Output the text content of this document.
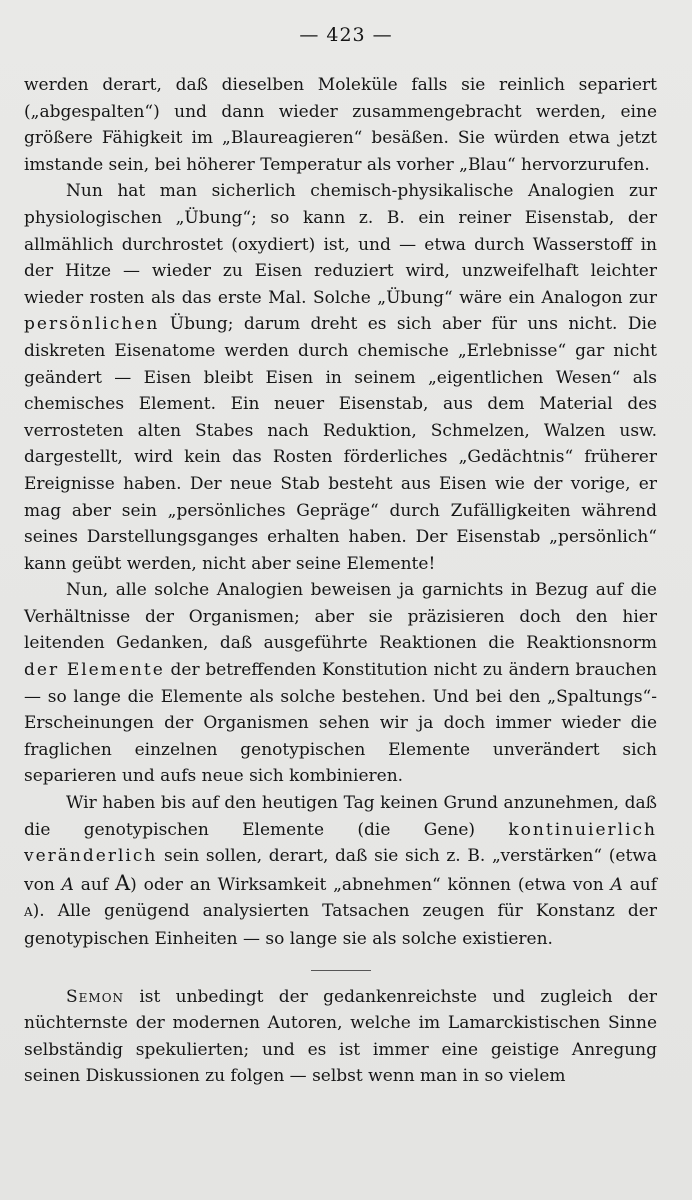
— 423 —

werden derart, daß dieselben Moleküle falls sie reinlich separiert („abgespalten“) und dann wieder zusammengebracht werden, eine größere Fähigkeit im „Blaureagieren“ besäßen. Sie würden etwa jetzt imstande sein, bei höherer Temperatur als vorher „Blau“ hervorzurufen.

Nun hat man sicherlich chemisch-physikalische Analogien zur physiologischen „Übung“; so kann z. B. ein reiner Eisenstab, der allmählich durchrostet (oxydiert) ist, und — etwa durch Wasserstoff in der Hitze — wieder zu Eisen reduziert wird, unzweifelhaft leichter wieder rosten als das erste Mal. Solche „Übung“ wäre ein Analogon zur persönlichen Übung; darum dreht es sich aber für uns nicht. Die diskreten Eisenatome werden durch chemische „Erlebnisse“ gar nicht geändert — Eisen bleibt Eisen in seinem „eigentlichen Wesen“ als chemisches Element. Ein neuer Eisenstab, aus dem Material des verrosteten alten Stabes nach Reduktion, Schmelzen, Walzen usw. dargestellt, wird kein das Rosten förderliches „Gedächtnis“ früherer Ereignisse haben. Der neue Stab besteht aus Eisen wie der vorige, er mag aber sein „persönliches Gepräge“ durch Zufälligkeiten während seines Darstellungsganges erhalten haben. Der Eisenstab „persönlich“ kann geübt werden, nicht aber seine Elemente!

Nun, alle solche Analogien beweisen ja garnichts in Bezug auf die Verhältnisse der Organismen; aber sie präzisieren doch den hier leitenden Gedanken, daß ausgeführte Reaktionen die Reaktionsnorm der Elemente der betreffenden Konstitution nicht zu ändern brauchen — so lange die Elemente als solche bestehen. Und bei den „Spaltungs“-Erscheinungen der Organismen sehen wir ja doch immer wieder die fraglichen einzelnen genotypischen Elemente unverändert sich separieren und aufs neue sich kombinieren.

Wir haben bis auf den heutigen Tag keinen Grund anzunehmen, daß die genotypischen Elemente (die Gene) kontinuierlich veränderlich sein sollen, derart, daß sie sich z. B. „verstärken“ (etwa von A auf A) oder an Wirksamkeit „abnehmen“ können (etwa von A auf A). Alle genügend analysierten Tatsachen zeugen für Konstanz der genotypischen Einheiten — so lange sie als solche existieren.

Semon ist unbedingt der gedankenreichste und zugleich der nüchternste der modernen Autoren, welche im Lamarckistischen Sinne selbständig spekulierten; und es ist immer eine geistige Anregung seinen Diskussionen zu folgen — selbst wenn man in so vielem
